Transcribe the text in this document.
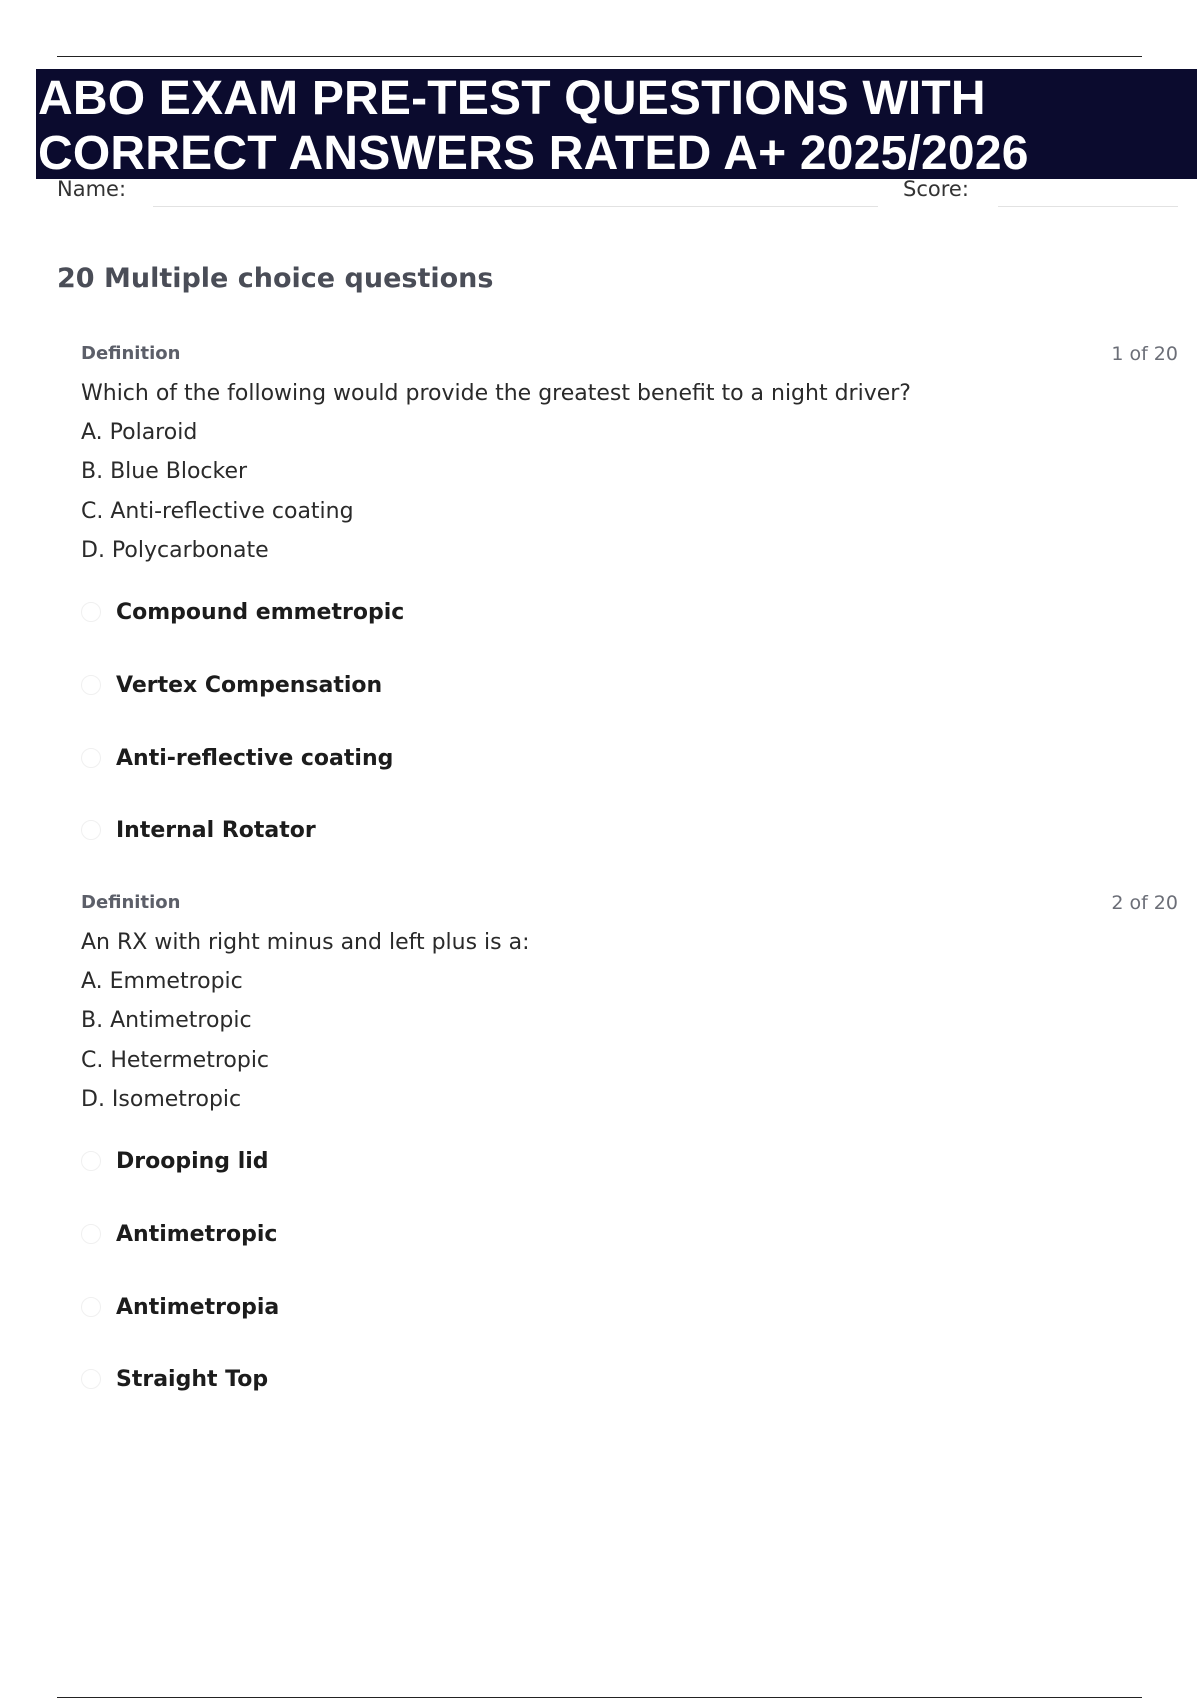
ABO EXAM PRE-TEST QUESTIONS WITH
CORRECT ANSWERS RATED A+ 2025/2026
Name:	Score:
20 Multiple choice questions
Definition	1 of 20
Which of the following would provide the greatest benefit to a night driver?
A. Polaroid
B. Blue Blocker
C. Anti-reflective coating
D. Polycarbonate
Compound emmetropic
Vertex Compensation
Anti-reflective coating
Internal Rotator
Definition	2 of 20
An RX with right minus and left plus is a:
A. Emmetropic
B. Antimetropic
C. Hetermetropic
D. Isometropic
Drooping lid
Antimetropic
Antimetropia
Straight Top
